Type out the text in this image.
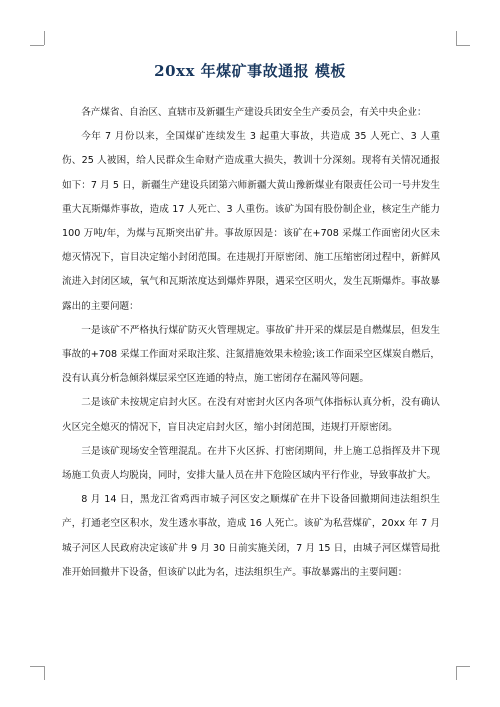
20xx 年煤矿事故通报 模板

各产煤省、自治区、直辖市及新疆生产建设兵团安全生产委员会，有关中央企业：

今年 7 月份以来，全国煤矿连续发生 3 起重大事故，共造成 35 人死亡、3 人重伤、25 人被困，给人民群众生命财产造成重大损失，教训十分深刻。现将有关情况通报如下：7 月 5 日，新疆生产建设兵团第六师新疆大黄山豫新煤业有限责任公司一号井发生重大瓦斯爆炸事故，造成 17 人死亡、3 人重伤。该矿为国有股份制企业，核定生产能力 100 万吨/年，为煤与瓦斯突出矿井。事故原因是：该矿在+708 采煤工作面密闭火区未熄灭情况下，盲目决定缩小封闭范围。在违规打开原密闭、施工压缩密闭过程中，新鲜风流进入封闭区域，氧气和瓦斯浓度达到爆炸界限，遇采空区明火，发生瓦斯爆炸。事故暴露出的主要问题：

一是该矿不严格执行煤矿防灭火管理规定。事故矿井开采的煤层是自燃煤层，但发生事故的+708 采煤工作面对采取注浆、注氮措施效果未检验;该工作面采空区煤炭自燃后，没有认真分析急倾斜煤层采空区连通的特点，施工密闭存在漏风等问题。

二是该矿未按规定启封火区。在没有对密封火区内各项气体指标认真分析，没有确认火区完全熄灭的情况下，盲目决定启封火区，缩小封闭范围，违规打开原密闭。

三是该矿现场安全管理混乱。在井下火区拆、打密闭期间，井上施工总指挥及井下现场施工负责人均脱岗，同时，安排大量人员在井下危险区域内平行作业，导致事故扩大。

8 月 14 日，黑龙江省鸡西市城子河区安之顺煤矿在井下设备回撤期间违法组织生产，打通老空区积水，发生透水事故，造成 16 人死亡。该矿为私营煤矿，20xx 年 7 月城子河区人民政府决定该矿井 9 月 30 日前实施关闭，7 月 15 日，由城子河区煤管局批准开始回撤井下设备，但该矿以此为名，违法组织生产。事故暴露出的主要问题：
